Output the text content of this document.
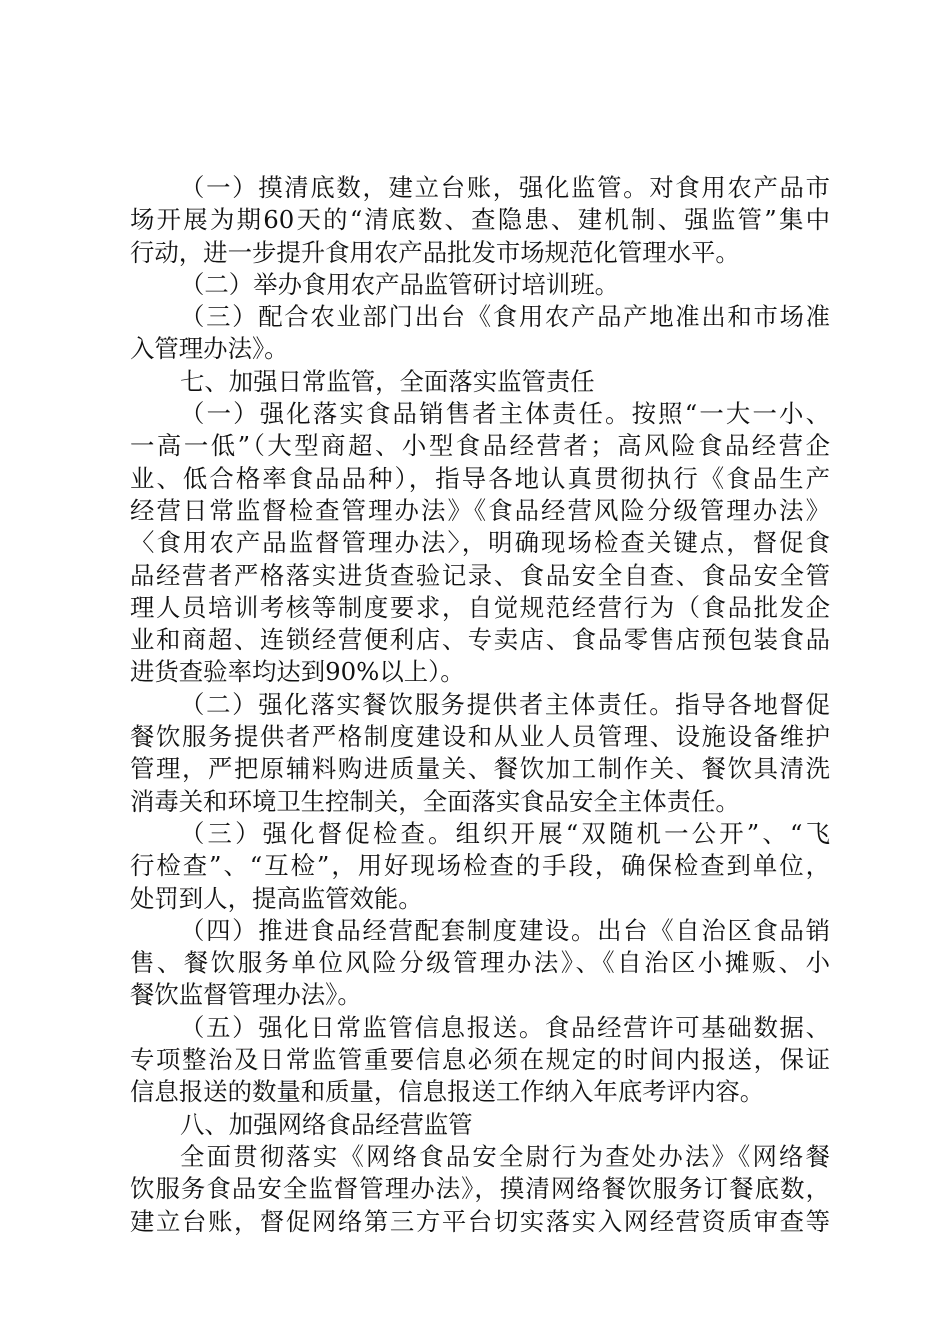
（一）摸清底数，建立台账，强化监管。对食用农产品市
场开展为期60天的“清底数、查隐患、建机制、强监管”集中
行动，进一步提升食用农产品批发市场规范化管理水平。
（二）举办食用农产品监管研讨培训班。
（三）配合农业部门出台《食用农产品产地准出和市场准
入管理办法》。
七、加强日常监管，全面落实监管责任
（一）强化落实食品销售者主体责任。按照“一大一小、
一高一低”（大型商超、小型食品经营者；高风险食品经营企
业、低合格率食品品种），指导各地认真贯彻执行《食品生产
经营日常监督检查管理办法》《食品经营风险分级管理办法》
〈食用农产品监督管理办法〉，明确现场检查关键点，督促食
品经营者严格落实进货查验记录、食品安全自查、食品安全管
理人员培训考核等制度要求，自觉规范经营行为（食品批发企
业和商超、连锁经营便利店、专卖店、食品零售店预包装食品
进货查验率均达到90%以上）。
（二）强化落实餐饮服务提供者主体责任。指导各地督促
餐饮服务提供者严格制度建设和从业人员管理、设施设备维护
管理，严把原辅料购进质量关、餐饮加工制作关、餐饮具清洗
消毒关和环境卫生控制关，全面落实食品安全主体责任。
（三）强化督促检查。组织开展“双随机一公开”、“飞
行检查”、“互检”，用好现场检查的手段，确保检查到单位，
处罚到人，提高监管效能。
（四）推进食品经营配套制度建设。出台《自治区食品销
售、餐饮服务单位风险分级管理办法》、《自治区小摊贩、小
餐饮监督管理办法》。
（五）强化日常监管信息报送。食品经营许可基础数据、
专项整治及日常监管重要信息必须在规定的时间内报送，保证
信息报送的数量和质量，信息报送工作纳入年底考评内容。
八、加强网络食品经营监管
全面贯彻落实《网络食品安全尉行为查处办法》《网络餐
饮服务食品安全监督管理办法》，摸清网络餐饮服务订餐底数，
建立台账，督促网络第三方平台切实落实入网经营资质审查等
